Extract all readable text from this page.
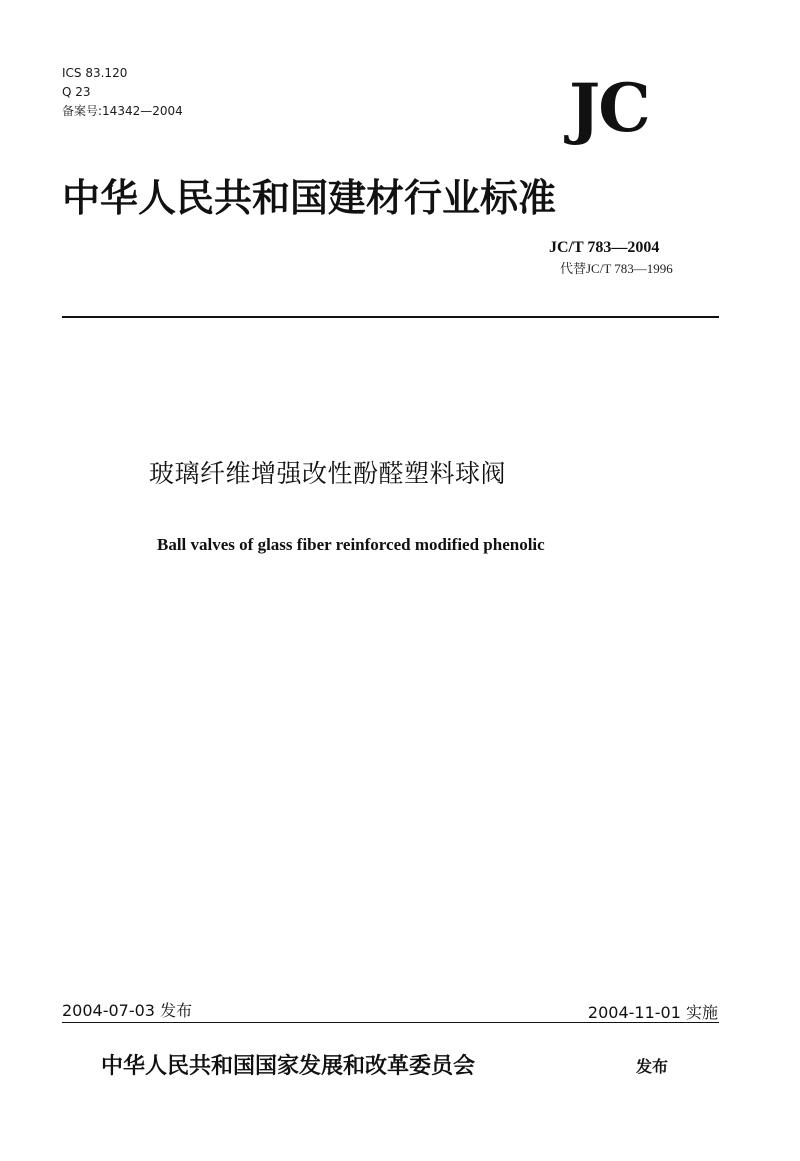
ICS 83.120
Q 23
备案号:14342—2004	JC
中华人民共和国建材行业标准
JC/T 783—2004
代替JC/T 783—1996
玻璃纤维增强改性酚醛塑料球阀
Ball valves of glass fiber reinforced modified phenolic
2004-07-03 发布	2004-11-01 实施
中华人民共和国国家发展和改革委员会	发布
